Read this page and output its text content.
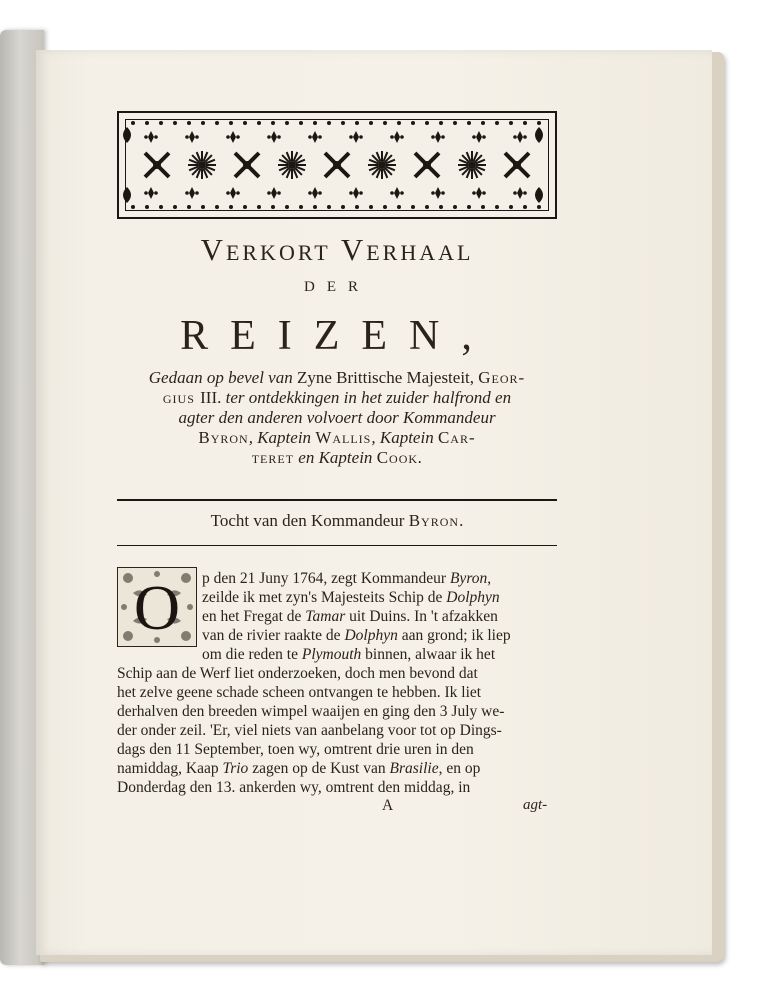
Verkort Verhaal
DER
REIZEN,
Gedaan op bevel van Zyne Brittische Majesteit, Geor-
gius III. ter ontdekkingen in het zuider halfrond en
agter den anderen volvoert door Kommandeur
Byron, Kaptein Wallis, Kaptein Car-
teret en Kaptein Cook.
Tocht van den Kommandeur Byron.
O	p den 21 Juny 1764, zegt Kommandeur Byron,
zeilde ik met zyn's Majesteits Schip de Dolphyn
en het Fregat de Tamar uit Duins. In 't afzakken
van de rivier raakte de Dolphyn aan grond; ik liep
om die reden te Plymouth binnen, alwaar ik het
Schip aan de Werf liet onderzoeken, doch men bevond dat
het zelve geene schade scheen ontvangen te hebben. Ik liet
derhalven den breeden wimpel waaijen en ging den 3 July we-
der onder zeil. 'Er, viel niets van aanbelang voor tot op Dings-
dags den 11 September, toen wy, omtrent drie uren in den
namiddag, Kaap Trio zagen op de Kust van Brasilie, en op
Donderdag den 13. ankerden wy, omtrent den middag, in
A	agt-
